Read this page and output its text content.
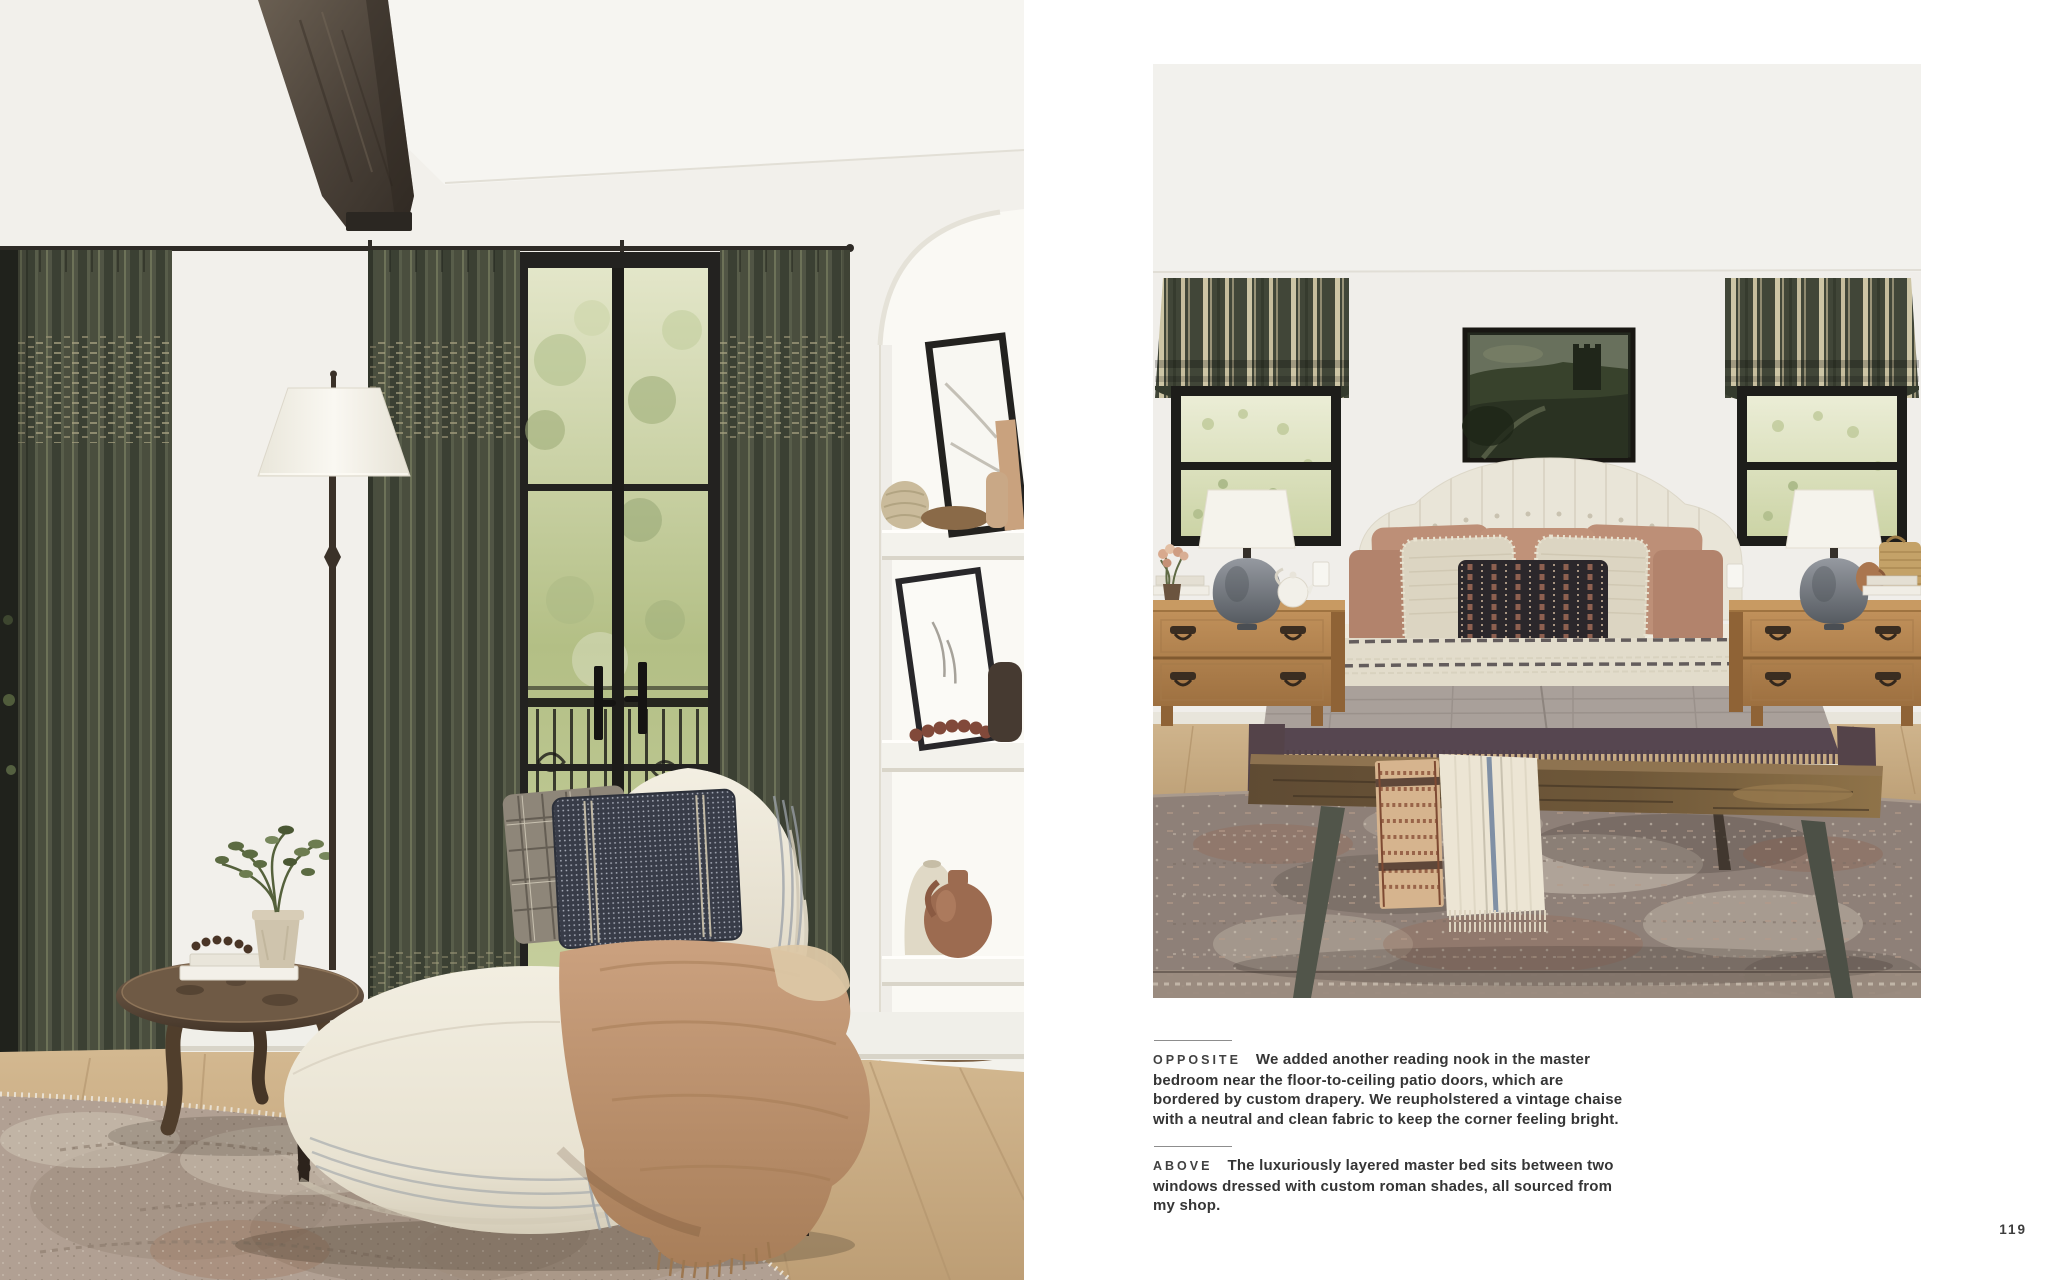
OPPOSITE We added another reading nook in the master bedroom near the floor-to-ceiling patio doors, which are bordered by custom drapery. We reupholstered a vintage chaise with a neutral and clean fabric to keep the corner feeling bright.

ABOVE The luxuriously layered master bed sits between two windows dressed with custom roman shades, all sourced from my shop.

119
